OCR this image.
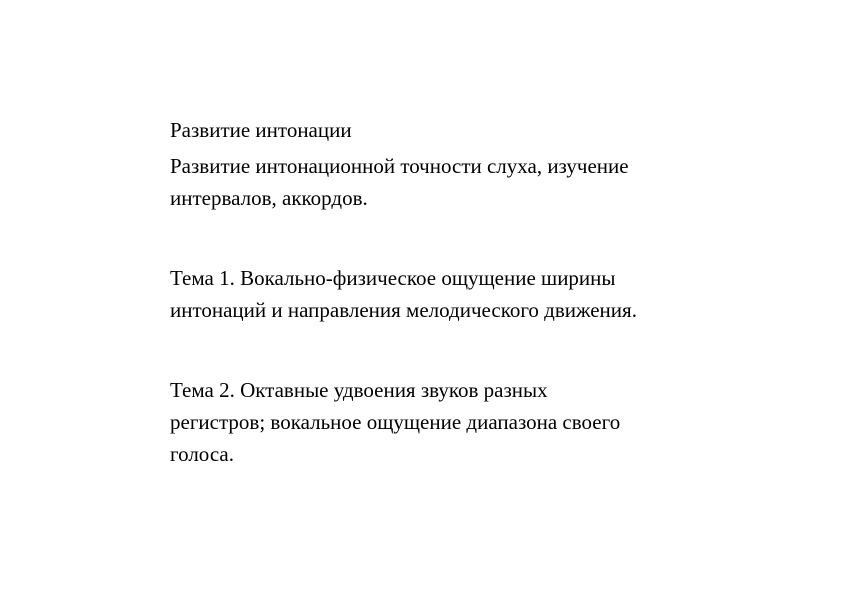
Развитие интонации

Развитие интонационной точности слуха, изучение
интервалов, аккордов.

Тема 1. Вокально-физическое ощущение ширины
интонаций и направления мелодического движения.

Тема 2. Октавные удвоения звуков разных
регистров; вокальное ощущение диапазона своего
голоса.
